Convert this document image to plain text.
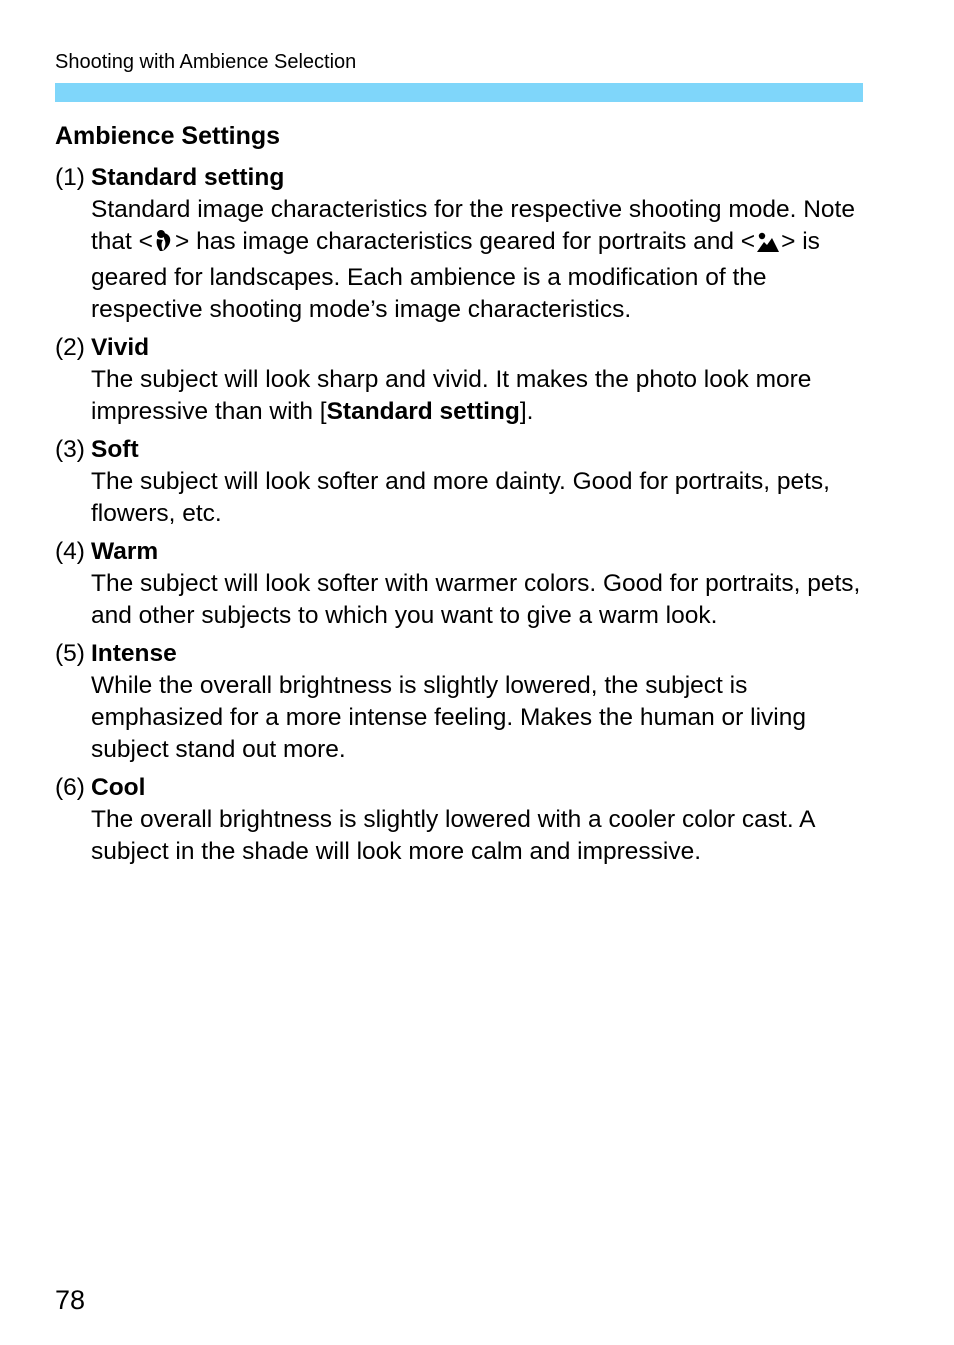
Shooting with Ambience Selection
Ambience Settings
(1) Standard setting
Standard image characteristics for the respective shooting mode. Note that < > has image characteristics geared for portraits and < > is geared for landscapes. Each ambience is a modification of the respective shooting mode’s image characteristics.
(2) Vivid
The subject will look sharp and vivid. It makes the photo look more impressive than with [Standard setting].
(3) Soft
The subject will look softer and more dainty. Good for portraits, pets, flowers, etc.
(4) Warm
The subject will look softer with warmer colors. Good for portraits, pets, and other subjects to which you want to give a warm look.
(5) Intense
While the overall brightness is slightly lowered, the subject is emphasized for a more intense feeling. Makes the human or living subject stand out more.
(6) Cool
The overall brightness is slightly lowered with a cooler color cast. A subject in the shade will look more calm and impressive.
78
